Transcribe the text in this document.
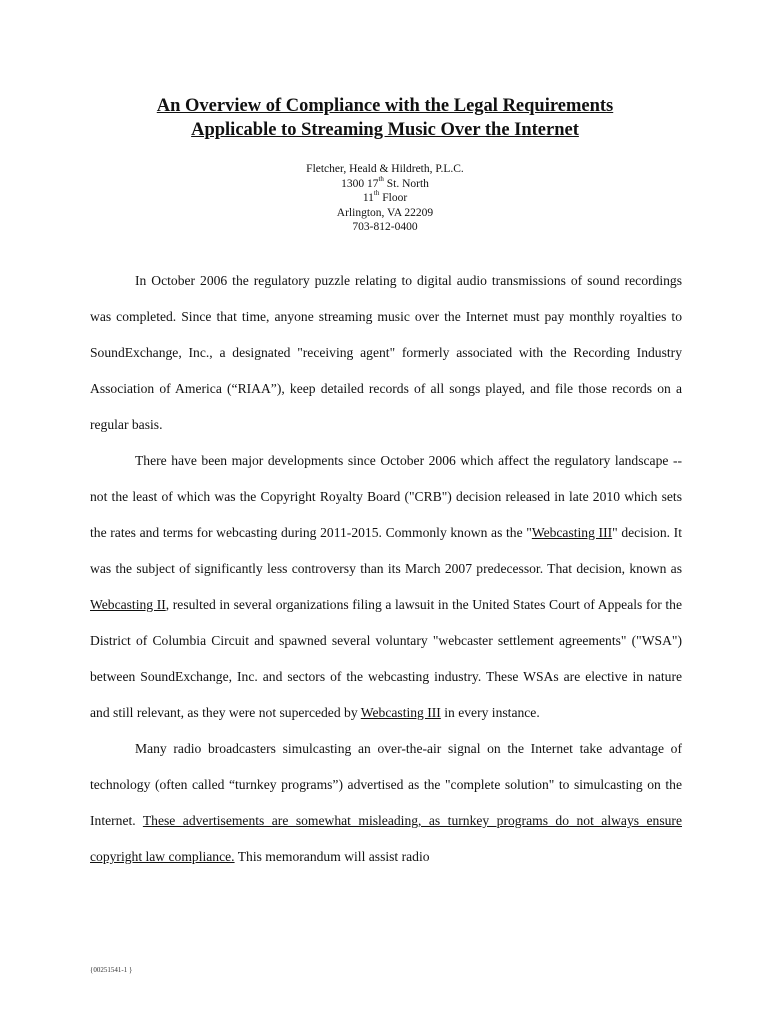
An Overview of Compliance with the Legal Requirements
Applicable to Streaming Music Over the Internet
Fletcher, Heald & Hildreth, P.L.C.
1300 17th St. North
11th Floor
Arlington, VA 22209
703-812-0400

In October 2006 the regulatory puzzle relating to digital audio transmissions of sound recordings was completed. Since that time, anyone streaming music over the Internet must pay monthly royalties to SoundExchange, Inc., a designated "receiving agent" formerly associated with the Recording Industry Association of America (“RIAA”), keep detailed records of all songs played, and file those records on a regular basis.

There have been major developments since October 2006 which affect the regulatory landscape -- not the least of which was the Copyright Royalty Board ("CRB") decision released in late 2010 which sets the rates and terms for webcasting during 2011-2015. Commonly known as the "Webcasting III" decision. It was the subject of significantly less controversy than its March 2007 predecessor. That decision, known as Webcasting II, resulted in several organizations filing a lawsuit in the United States Court of Appeals for the District of Columbia Circuit and spawned several voluntary "webcaster settlement agreements" ("WSA") between SoundExchange, Inc. and sectors of the webcasting industry. These WSAs are elective in nature and still relevant, as they were not superceded by Webcasting III in every instance.

Many radio broadcasters simulcasting an over-the-air signal on the Internet take advantage of technology (often called “turnkey programs”) advertised as the "complete solution" to simulcasting on the Internet. These advertisements are somewhat misleading, as turnkey programs do not always ensure copyright law compliance. This memorandum will assist radio

{00251541-1 }
